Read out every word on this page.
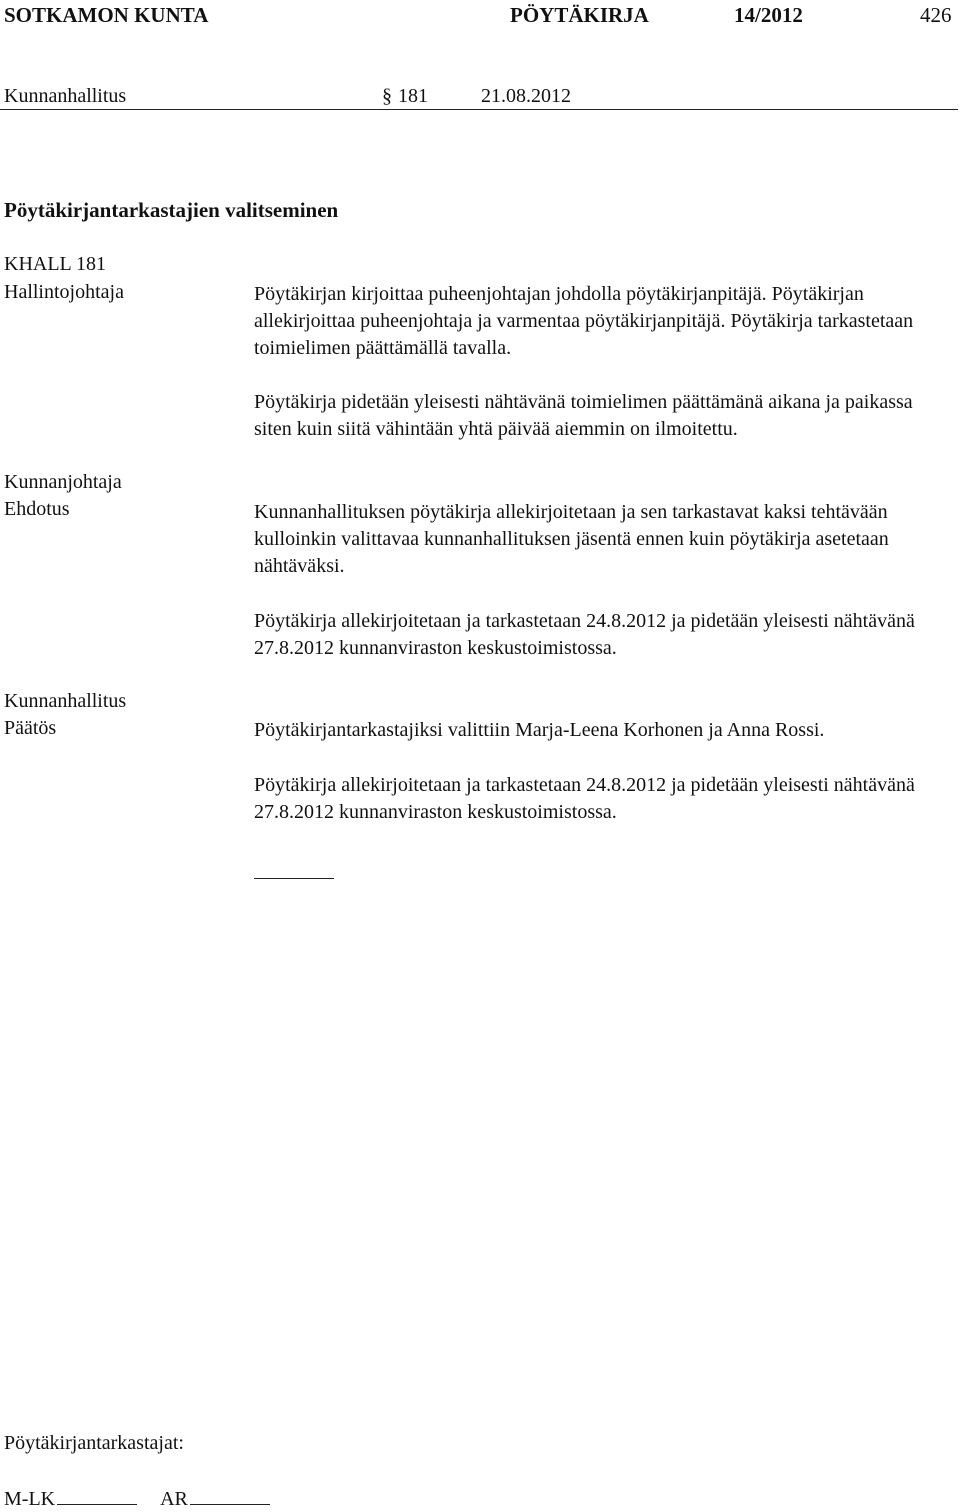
SOTKAMON KUNTA	PÖYTÄKIRJA	14/2012	426
Kunnanhallitus	§ 181	21.08.2012
Pöytäkirjantarkastajien valitseminen
KHALL 181
Hallintojohtaja	Pöytäkirjan kirjoittaa puheenjohtajan johdolla pöytäkirjanpitäjä. Pöytäkirjan allekirjoittaa puheenjohtaja ja varmentaa pöytäkirjanpitäjä. Pöytäkirja tarkastetaan toimielimen päättämällä tavalla.
Pöytäkirja pidetään yleisesti nähtävänä toimielimen päättämänä aikana ja paikassa siten kuin siitä vähintään yhtä päivää aiemmin on ilmoitettu.
Kunnanjohtaja
Ehdotus	Kunnanhallituksen pöytäkirja allekirjoitetaan ja sen tarkastavat kaksi tehtävään kulloinkin valittavaa kunnanhallituksen jäsentä ennen kuin pöytäkirja asetetaan nähtäväksi.
Pöytäkirja allekirjoitetaan ja tarkastetaan 24.8.2012 ja pidetään yleisesti nähtävänä 27.8.2012 kunnanviraston keskustoimistossa.
Kunnanhallitus
Päätös	Pöytäkirjantarkastajiksi valittiin Marja-Leena Korhonen ja Anna Rossi.
Pöytäkirja allekirjoitetaan ja tarkastetaan 24.8.2012 ja pidetään yleisesti nähtävänä 27.8.2012 kunnanviraston keskustoimistossa.
Pöytäkirjantarkastajat:
M-LK	AR
